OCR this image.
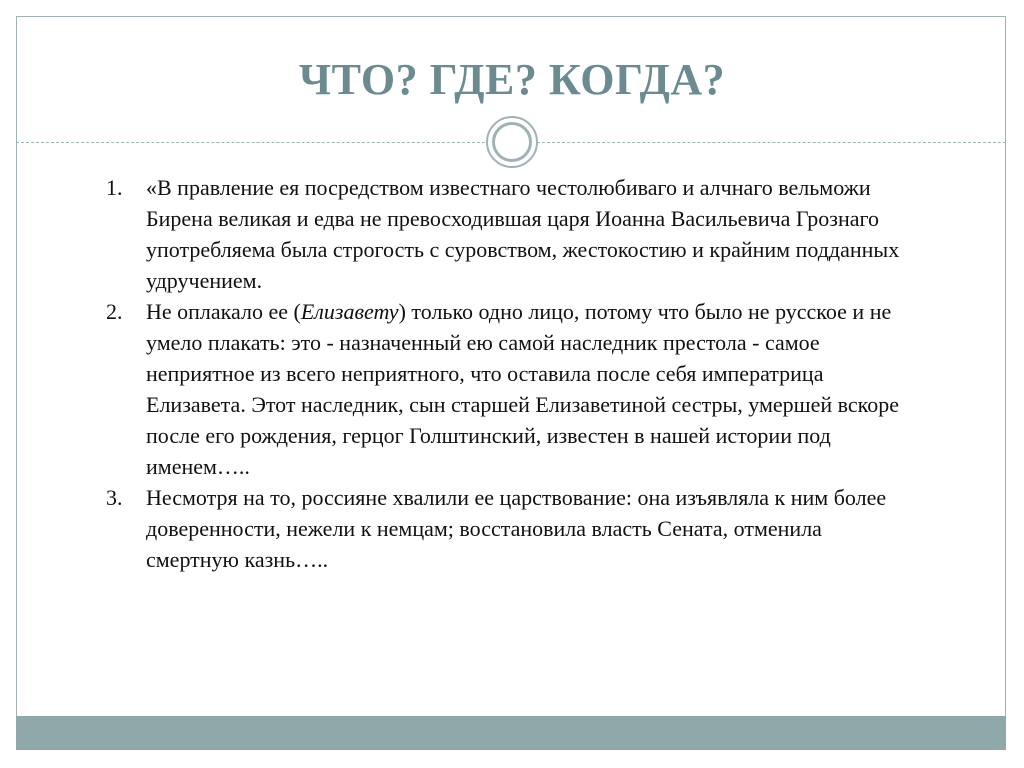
ЧТО? ГДЕ? КОГДА?
1. «В правление ея посредством известнаго честолюбиваго и алчнаго вельможи Бирена великая и едва не превосходившая царя Иоанна Васильевича Грознаго употребляема была строгость с суровством, жестокостию и крайним подданных удручением.
2. Не оплакало ее (Елизавету) только одно лицо, потому что было не русское и не умело плакать: это - назначенный ею самой наследник престола - самое неприятное из всего неприятного, что оставила после себя императрица Елизавета. Этот наследник, сын старшей Елизаветиной сестры, умершей вскоре после его рождения, герцог Голштинский, известен в нашей истории под именем…..
3. Несмотря на то, россияне хвалили ее царствование: она изъявляла к ним более доверенности, нежели к немцам; восстановила власть Сената, отменила смертную казнь…..
